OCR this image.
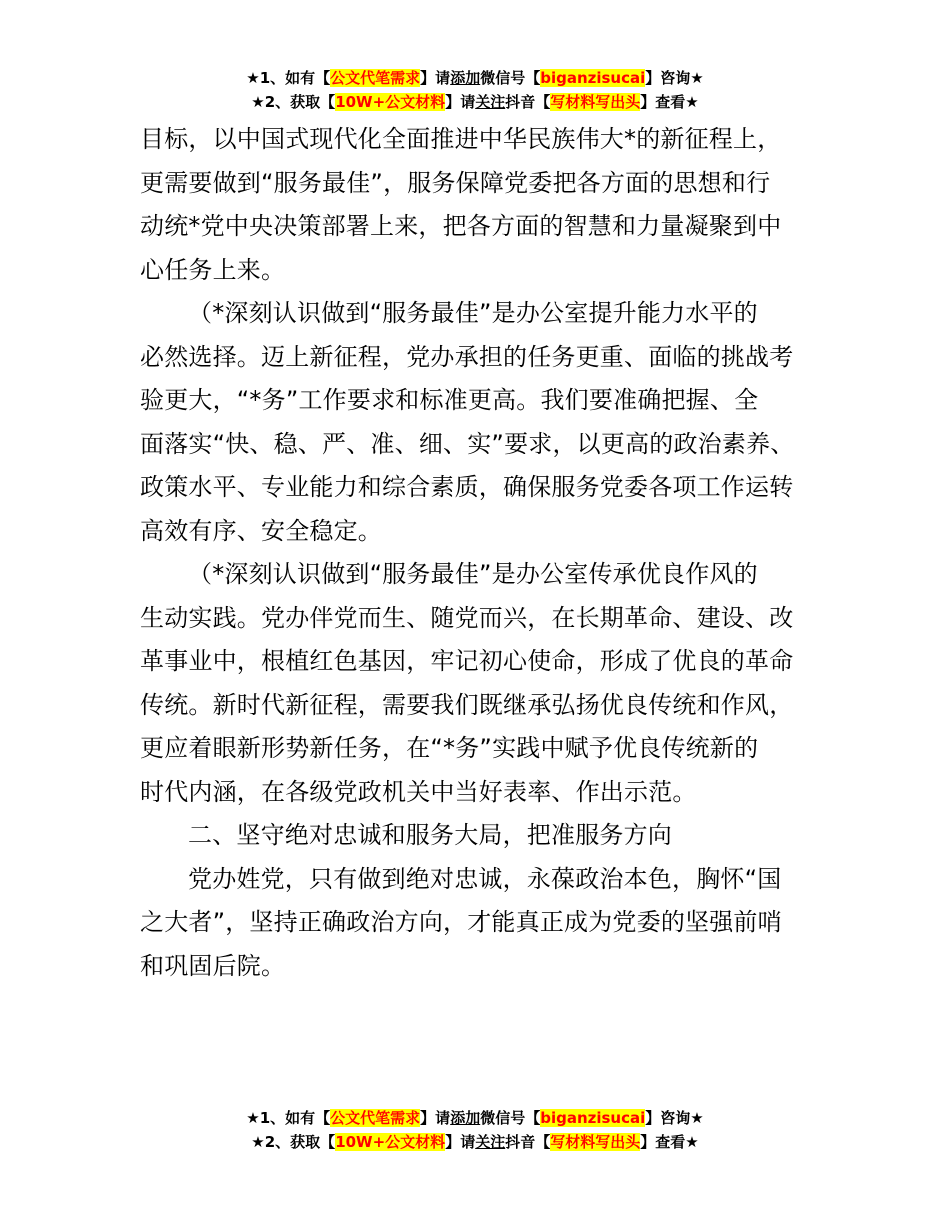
★1、如有【公文代笔需求】请添加微信号【biganzisucai】咨询★
★2、获取【10W+公文材料】请关注抖音【写材料写出头】查看★
目标，以中国式现代化全面推进中华民族伟大*的新征程上，
更需要做到“服务最佳”，服务保障党委把各方面的思想和行
动统*党中央决策部署上来，把各方面的智慧和力量凝聚到中
心任务上来。
（*深刻认识做到“服务最佳”是办公室提升能力水平的
必然选择。迈上新征程，党办承担的任务更重、面临的挑战考
验更大，“*务”工作要求和标准更高。我们要准确把握、全
面落实“快、稳、严、准、细、实”要求，以更高的政治素养、
政策水平、专业能力和综合素质，确保服务党委各项工作运转
高效有序、安全稳定。
（*深刻认识做到“服务最佳”是办公室传承优良作风的
生动实践。党办伴党而生、随党而兴，在长期革命、建设、改
革事业中，根植红色基因，牢记初心使命，形成了优良的革命
传统。新时代新征程，需要我们既继承弘扬优良传统和作风，
更应着眼新形势新任务，在“*务”实践中赋予优良传统新的
时代内涵，在各级党政机关中当好表率、作出示范。
二、坚守绝对忠诚和服务大局，把准服务方向
党办姓党，只有做到绝对忠诚，永葆政治本色，胸怀“国
之大者”，坚持正确政治方向，才能真正成为党委的坚强前哨
和巩固后院。
★1、如有【公文代笔需求】请添加微信号【biganzisucai】咨询★
★2、获取【10W+公文材料】请关注抖音【写材料写出头】查看★
